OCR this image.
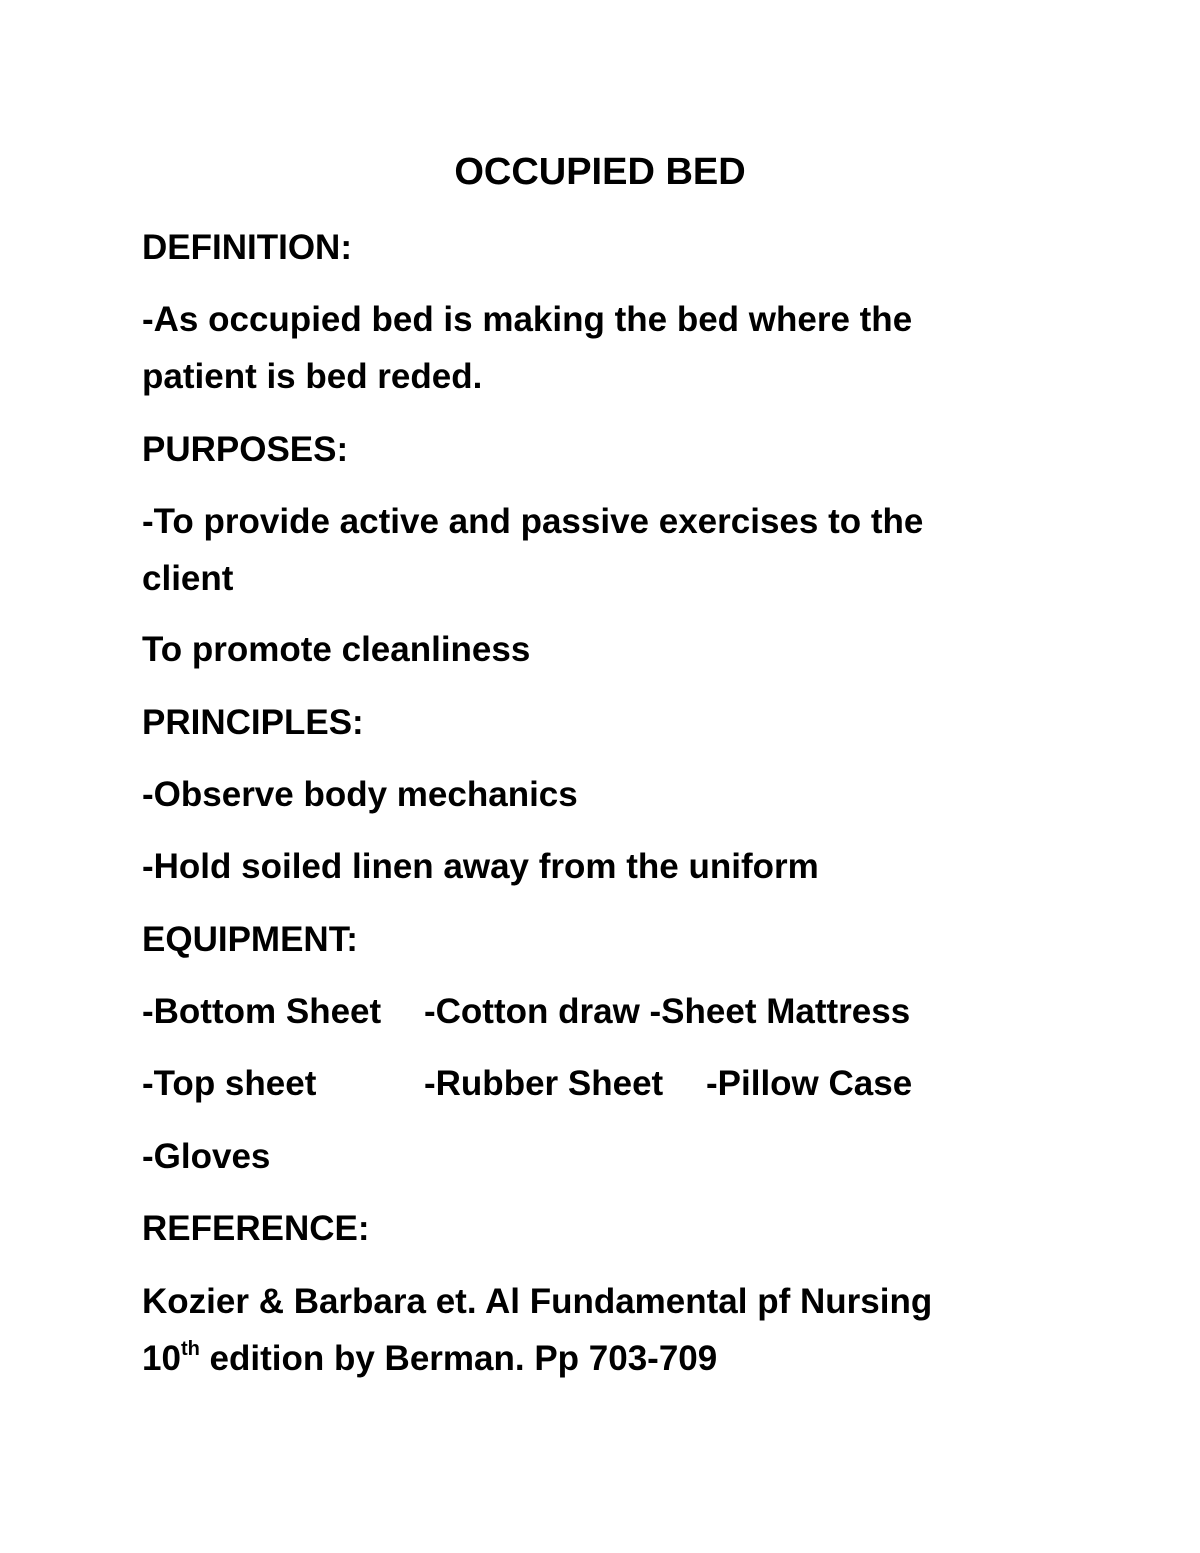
OCCUPIED BED

DEFINITION:

-As occupied bed is making the bed where the

patient is bed reded.

PURPOSES:

-To provide active and passive exercises to the

client

To promote cleanliness

PRINCIPLES:

-Observe body mechanics

-Hold soiled linen away from the uniform

EQUIPMENT:

-Bottom Sheet -Cotton draw -Sheet Mattress
-Top sheet	-Rubber Sheet -Pillow Case

-Gloves

REFERENCE:

Kozier & Barbara et. Al Fundamental pf Nursing

10th edition by Berman. Pp 703-709
